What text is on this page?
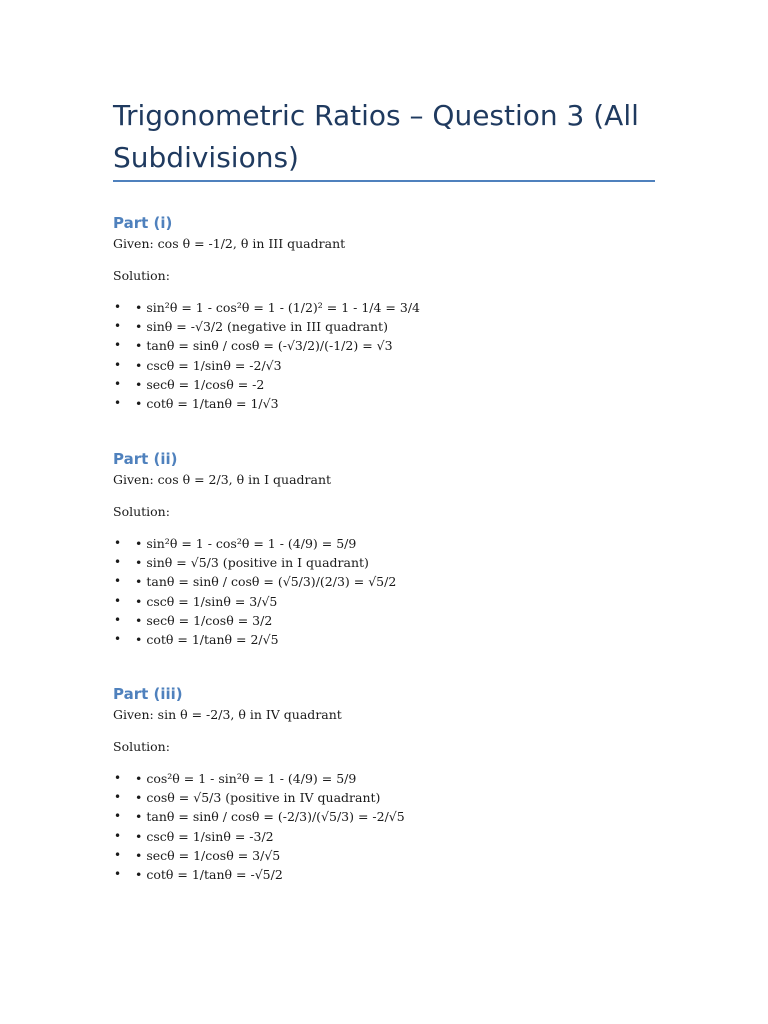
Trigonometric Ratios – Question 3 (All Subdivisions)
Part (i)

Given: cos θ = -1/2, θ in III quadrant

Solution:

• • sin²θ = 1 - cos²θ = 1 - (1/2)² = 1 - 1/4 = 3/4
• • sinθ = -√3/2 (negative in III quadrant)
• • tanθ = sinθ / cosθ = (-√3/2)/(-1/2) = √3
• • cscθ = 1/sinθ = -2/√3
• • secθ = 1/cosθ = -2
• • cotθ = 1/tanθ = 1/√3
Part (ii)

Given: cos θ = 2/3, θ in I quadrant

Solution:

• • sin²θ = 1 - cos²θ = 1 - (4/9) = 5/9
• • sinθ = √5/3 (positive in I quadrant)
• • tanθ = sinθ / cosθ = (√5/3)/(2/3) = √5/2
• • cscθ = 1/sinθ = 3/√5
• • secθ = 1/cosθ = 3/2
• • cotθ = 1/tanθ = 2/√5
Part (iii)

Given: sin θ = -2/3, θ in IV quadrant

Solution:

• • cos²θ = 1 - sin²θ = 1 - (4/9) = 5/9
• • cosθ = √5/3 (positive in IV quadrant)
• • tanθ = sinθ / cosθ = (-2/3)/(√5/3) = -2/√5
• • cscθ = 1/sinθ = -3/2
• • secθ = 1/cosθ = 3/√5
• • cotθ = 1/tanθ = -√5/2
